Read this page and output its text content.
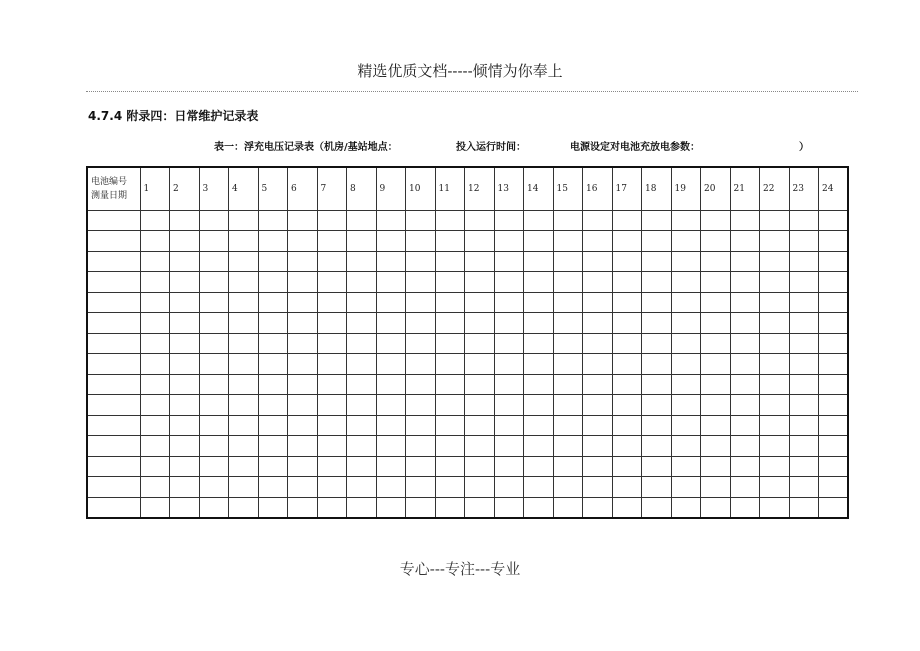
精选优质文档-----倾情为你奉上
4.7.4 附录四：日常维护记录表
表一：浮充电压记录表（机房/基站地点：	投入运行时间：	电源设定对电池充放电参数：	）
电池编号
测量日期	1	2	3	4	5	6	7	8	9	10	11	12	13	14	15	16	17	18	19	20	21	22	23	24

专心---专注---专业
